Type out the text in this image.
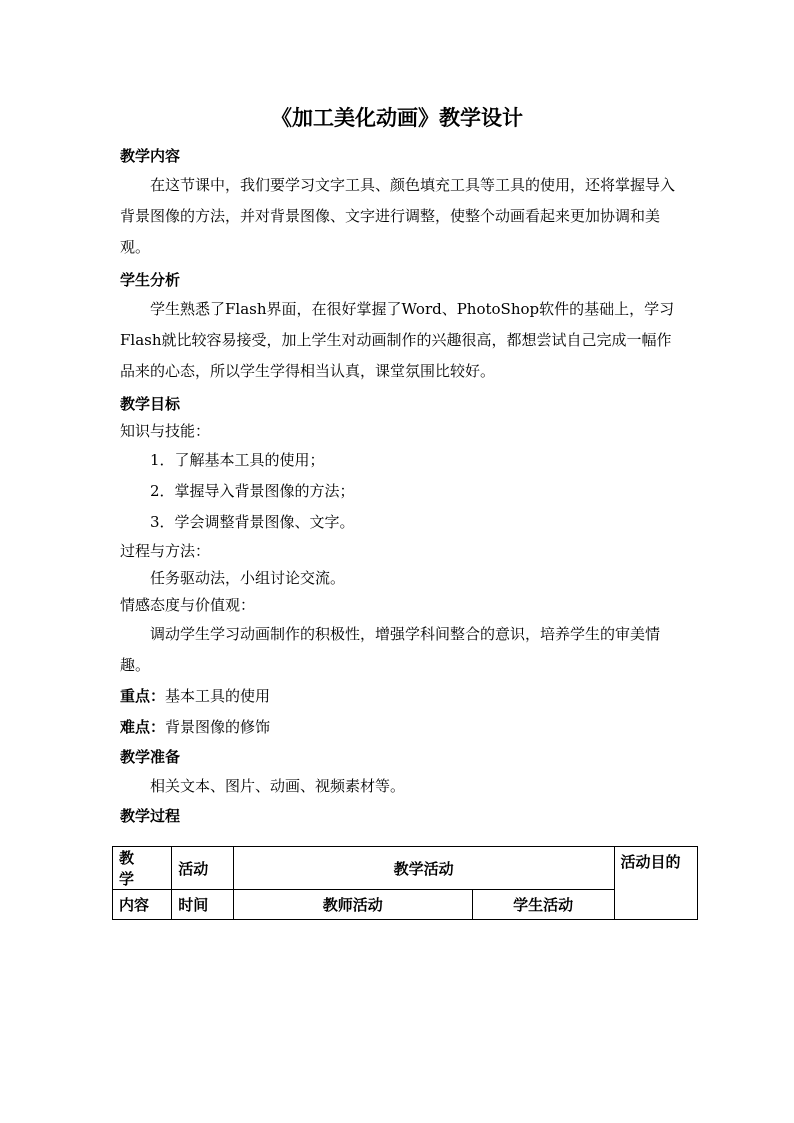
《加工美化动画》教学设计
教学内容
在这节课中，我们要学习文字工具、颜色填充工具等工具的使用，还将掌握导入背景图像的方法，并对背景图像、文字进行调整，使整个动画看起来更加协调和美观。
学生分析
学生熟悉了Flash界面，在很好掌握了Word、PhotoShop软件的基础上，学习Flash就比较容易接受，加上学生对动画制作的兴趣很高，都想尝试自己完成一幅作品来的心态，所以学生学得相当认真，课堂氛围比较好。
教学目标
知识与技能：
1．了解基本工具的使用；
2．掌握导入背景图像的方法；
3．学会调整背景图像、文字。
过程与方法：
任务驱动法，小组讨论交流。
情感态度与价值观：
调动学生学习动画制作的积极性，增强学科间整合的意识，培养学生的审美情趣。
重点：基本工具的使用
难点：背景图像的修饰
教学准备
相关文本、图片、动画、视频素材等。
教学过程
教 学	活动	教学活动		活动目的
内容	时间	教师活动	学生活动	
